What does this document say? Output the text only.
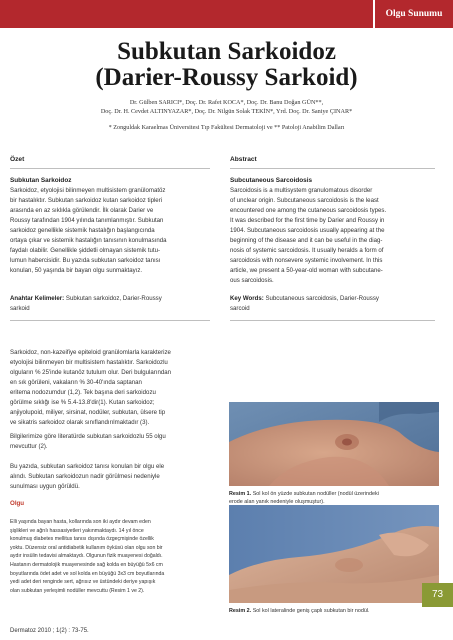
Olgu Sunumu
Subkutan Sarkoidoz
(Darier-Roussy Sarkoid)
Dr. Gülben SARICI*, Doç. Dr. Rafet KOCA*, Doç. Dr. Banu Doğan GÜN**,
Doç. Dr. H. Cevdet ALTINYAZAR*, Doç. Dr. Nilgün Solak TEKİN*, Yrd. Doç. Dr. Saniye ÇINAR*
* Zonguldak Karaelmas Üniversitesi Tıp Fakültesi Dermatoloji ve ** Patoloji Anabilim Dalları
Özet	Abstract
Subkutan Sarkoidoz
Sarkoidoz, etyolojisi bilinmeyen multisistem granülomatöz
bir hastalıktır. Subkutan sarkoidoz kutan sarkoidoz tipleri
arasında en az sıklıkla görülendir. İlk olarak Darier ve
Roussy tarafından 1904 yılında tanımlanmıştır. Subkutan
sarkoidoz genellikle sistemik hastalığın başlangıcında
ortaya çıkar ve sistemik hastalığın tanısının konulmasında
faydalı olabilir. Genellikle şiddetli olmayan sistemik tutu-
lumun habercisidir. Bu yazıda subkutan sarkoidoz tanısı
konulan, 50 yaşında bir bayan olgu sunmaktayız.
Anahtar Kelimeler: Subkutan sarkoidoz, Darier-Roussy
sarkoid
Subcutaneous Sarcoidosis
Sarcoidosis is a multisystem granulomatous disorder
of unclear origin. Subcutaneous sarcoidosis is the least
encountered one among the cutaneous sarcoidosis types.
It was described for the first time by Darier and Roussy in
1904. Subcutaneous sarcoidosis usually appearing at the
beginning of the disease and it can be useful in the diag-
nosis of systemic sarcoidosis. It usually heralds a form of
sarcoidosis with nonsevere systemic involvement. In this
article, we present a 50-year-old woman with subcutane-
ous sarcoidosis.
Key Words: Subcutaneous sarcoidosis, Darier-Roussy
sarcoid
Sarkoidoz, non-kazeifiye epiteloid granülomlarla karakterize
etyolojisi bilinmeyen bir multisistem hastalıktır. Sarkoidozlu
olguların % 25'inde kutanöz tutulum olur. Deri bulgularından
en sık görüleni, vakaların % 30-40'ında saptanan
eritema nodozumdur (1,2). Tek başına deri sarkoidozu
görülme sıklığı ise % 5.4-13.8'dir(1). Kutan sarkoidoz;
anjiyolupoid, miliyer, sirsinat, nodüler, subkutan, ülsere tip
ve sikatris sarkoidoz olarak sınıflandırılmaktadır (3).
Bilgilerimize göre literatürde subkutan sarkoidozlu 55 olgu
mevcuttur (2).
Bu yazıda, subkutan sarkoidoz tanısı konulan bir olgu ele
alındı. Subkutan sarkoidozun nadir görülmesi nedeniyle
sunulması uygun görüldü.
Olgu
Elli yaşında bayan hasta, kollarında son iki aydır devam eden
şişlikleri ve ağrılı hassasiyetleri yakınmaktaydı. 14 yıl önce
konulmuş diabetes mellitus tanısı dışında özgeçmişinde özellik
yoktu. Düzensiz oral antidiabetik kullanım öyküsü olan olgu son bir
aydır insülin tedavisi almaktaydı. Olgunun fizik muayenesi doğaldı.
Hastanın dermatolojik muayenesinde sağ kolda en büyüğü 5x6 cm
boyutlarında ödet adet ve sol kolda en büyüğü 3x3 cm boyutlarında
yedi adet deri renginde sert, ağrısız ve üstündeki deriye yapışık
olan subkutan yerleşimli nodüller mevcuttu (Resim 1 ve 2).
Resim 1. Sol kol ön yüzde subkutan nodüller (nodül üzerindeki
erode alan yanık nedeniyle oluşmuştur).
Resim 2. Sol kol lateralinde geniş çaplı subkutan bir nodül.
Dermatoz 2010 ; 1(2) : 73-75.
73
